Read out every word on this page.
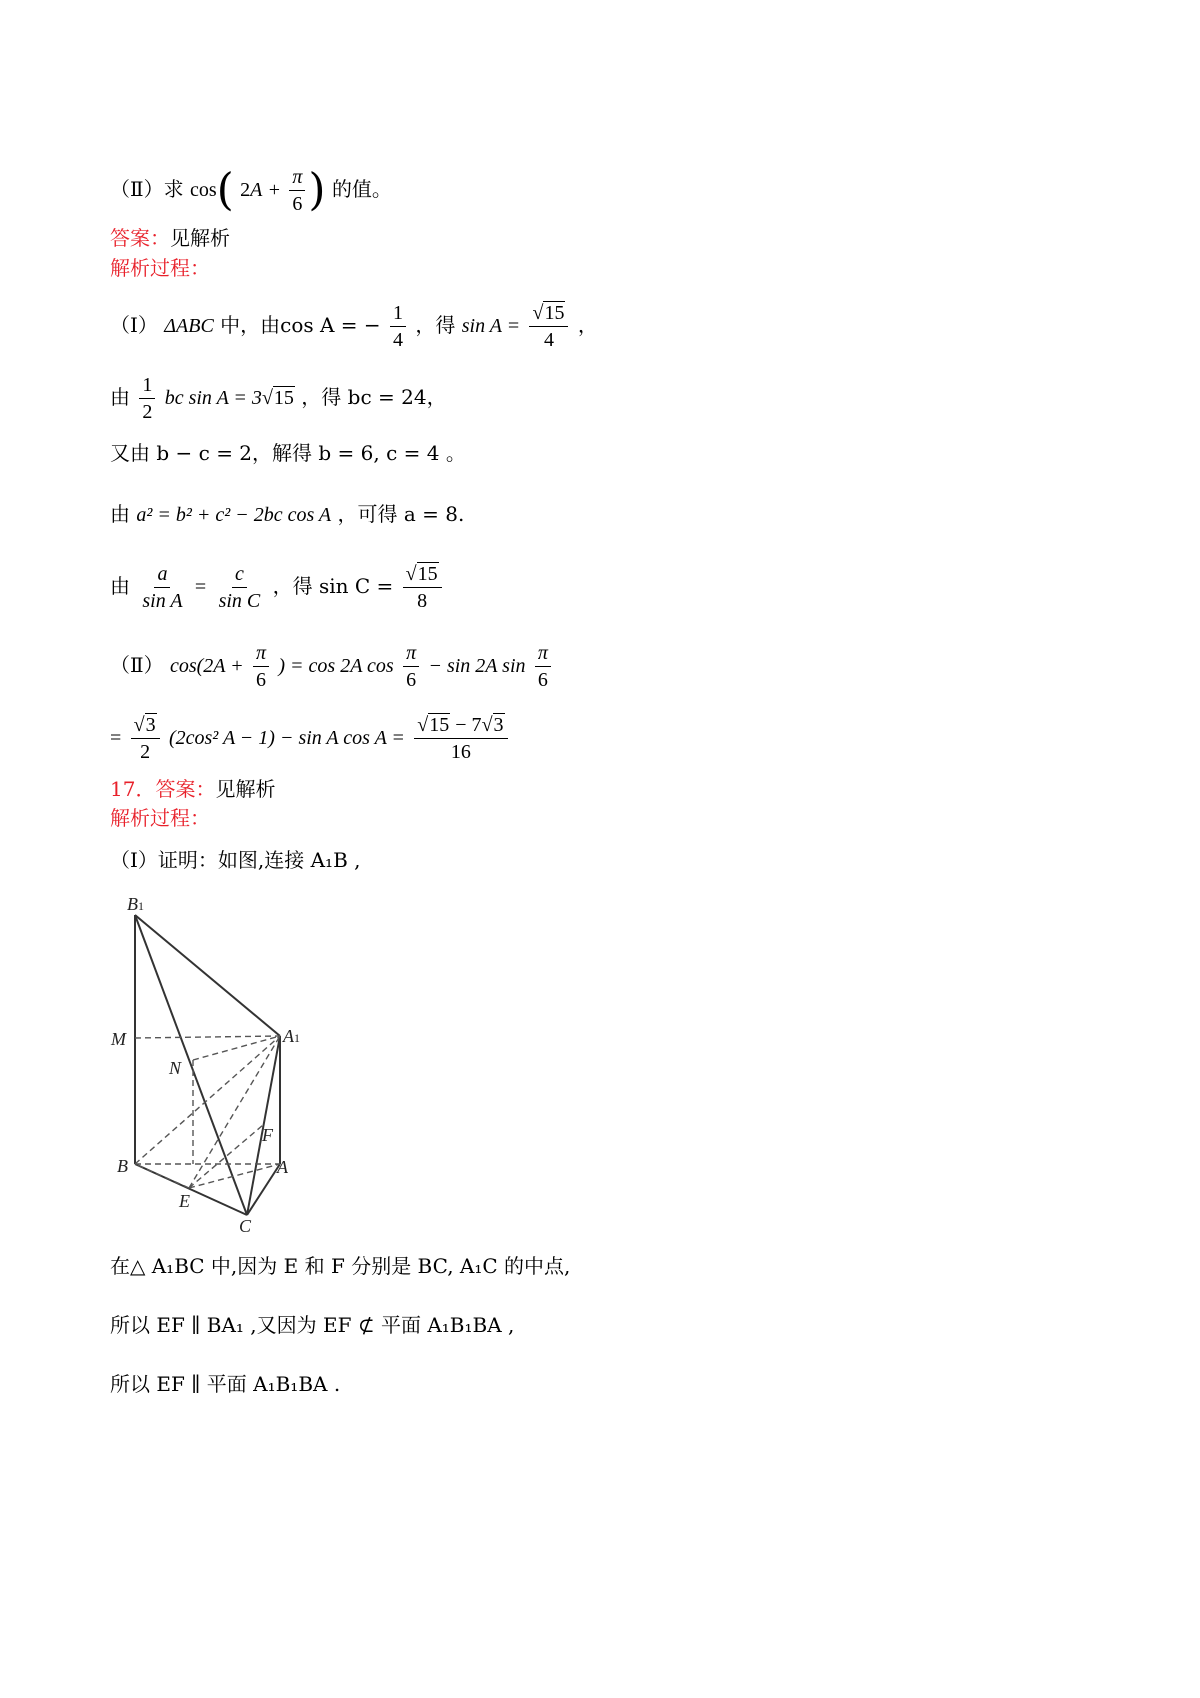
（Ⅱ）求 cos( $2A + \frac{\pi}{6}$ ) 的值。
答案：见解析
解析过程：
（Ⅰ） ΔABC 中，由cos A = − $\frac{1}{4}$ ，得 $\sin A = \frac{√15}{4}$ ，
由 $\frac{1}{2}$ bc sin A = 3√15 ，得 bc = 24，
又由 b − c = 2，解得 b = 6, c = 4 。
由 a² = b² + c² − 2bc cos A ，可得 a = 8.
由 $\frac{a}{\text{sin A}} = \frac{c}{\text{sin C}}$ ，得 $\sin C = \frac{√15}{8}$
（Ⅱ） $\cos(2A + \frac{\pi}{6}$ ) = cos 2A $\cos \frac{\pi}{6} - \sin 2A$ $\sin \frac{\pi}{6}$
= $\frac{√3}{2} (2\cos^2$ A − 1) − sin A $\cos A = \frac{√15 - 7√3}{16}$
17．答案：见解析
解析过程：
（I）证明：如图,连接 A₁B ,
B1
M
N
A1
F
B	A
E
C
在△ A₁BC 中,因为 E 和 F 分别是 BC, A₁C 的中点,
所以 EF ∥ BA₁ ,又因为 EF ⊄ 平面 A₁B₁BA ,
所以 EF ∥ 平面 A₁B₁BA .
